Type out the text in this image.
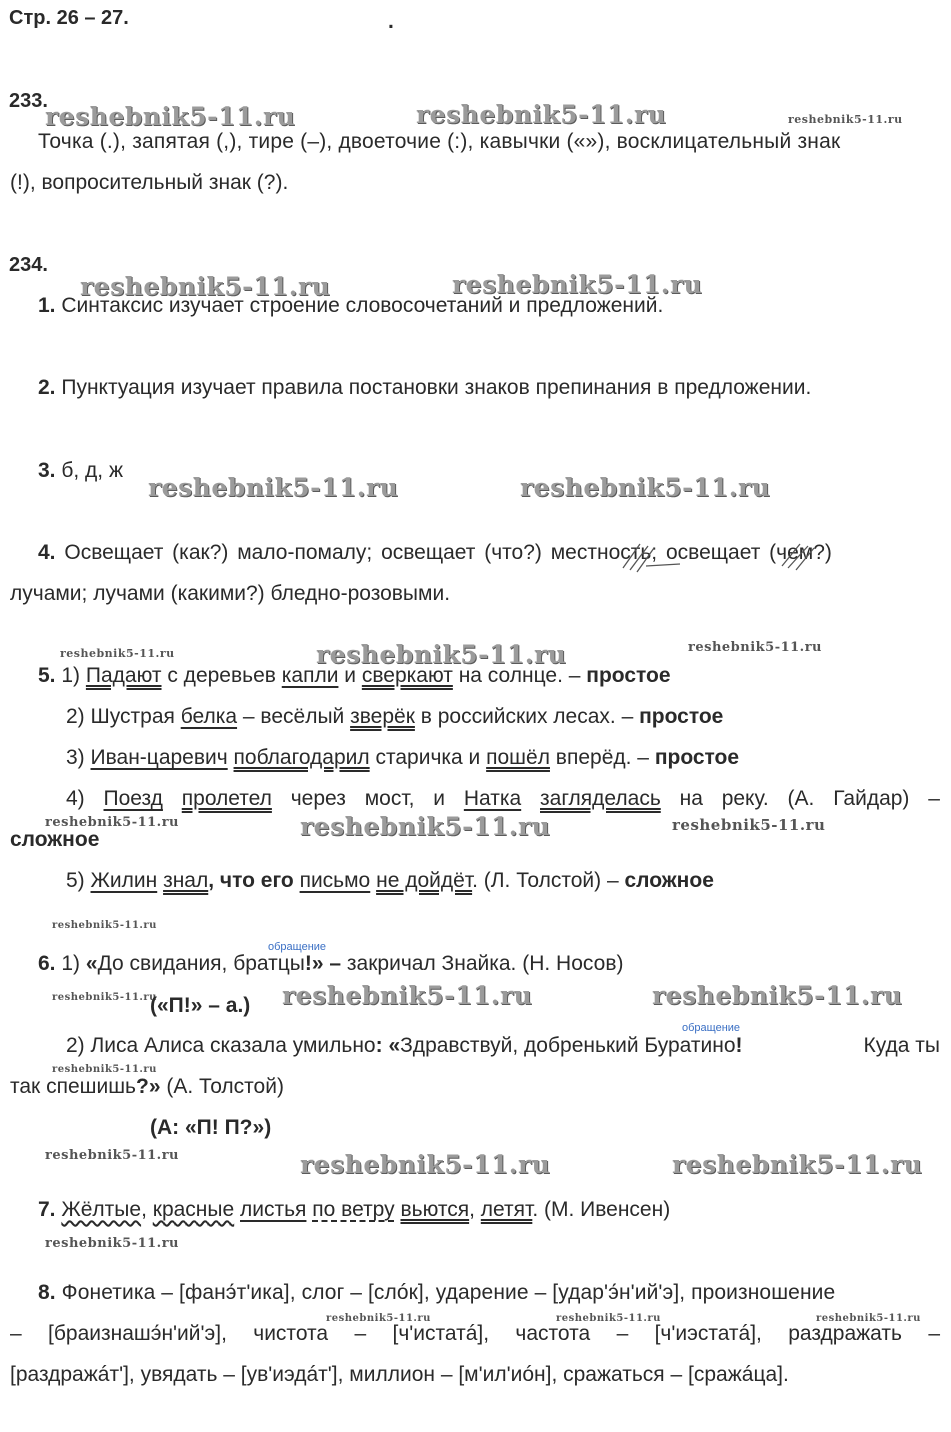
Стр. 26 – 27.	.
233.
reshebnik5-11.ru	reshebnik5-11.ru	reshebnik5-11.ru
Точка (.), запятая (,), тире (–), двоеточие (:), кавычки («»), восклицательный знак
(!), вопросительный знак (?).
234.
reshebnik5-11.ru	reshebnik5-11.ru
1. Синтаксис изучает строение словосочетаний и предложений.
2. Пунктуация изучает правила постановки знаков препинания в предложении.
3. б, д, ж
reshebnik5-11.ru	reshebnik5-11.ru
4. Освещает (как?) мало-помалу; освещает (что?) местность; освещает (чем?)
лучами; лучами (какими?) бледно-розовыми.
reshebnik5-11.ru	reshebnik5-11.ru	reshebnik5-11.ru
5. 1) Падают с деревьев капли и сверкают на солнце. – простое
2) Шустрая белка – весёлый зверёк в российских лесах. – простое
3) Иван-царевич поблагодарил старичка и пошёл вперёд. – простое
4) Поезд пролетел через мост, и Натка загляделась на реку. (А. Гайдар) –
reshebnik5-11.ru	reshebnik5-11.ru	reshebnik5-11.ru
сложное
5) Жилин знал, что его письмо не дойдёт. (Л. Толстой) – сложное
reshebnik5-11.ru
обращение
6. 1) «До свидания, братцы!» – закричал Знайка. (Н. Носов)
reshebnik5-11.ru
(«П!» – а.) reshebnik5-11.ru	reshebnik5-11.ru
обращение
2) Лиса Алиса сказала умильно : « Здравствуй, добренький Буратино !	Куда ты
reshebnik5-11.ru
так спешишь?» (А. Толстой)
(А: «П! П?»)
reshebnik5-11.ru	reshebnik5-11.ru	reshebnik5-11.ru
7. Жёлтые, красные листья по ветру вьются, летят. (М. Ивенсен)
reshebnik5-11.ru
8. Фонетика – [фанэ́т'ика], слог – [слóк], ударение – [удар'э́н'ий'э], произношение
reshebnik5-11.ru	reshebnik5-11.ru	reshebnik5-11.ru
– [браизнашэ́н'ий'э], чистота – [ч'истатá], частота – [ч'иэстатá], раздражать –
[раздражáт'], увядать – [ув'иэдáт'], миллион – [м'ил'иóн], сражаться – [сражáца].
